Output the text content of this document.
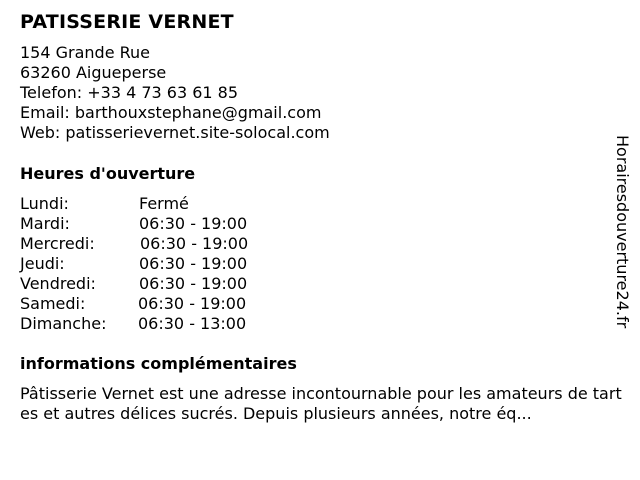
PATISSERIE VERNET
154 Grande Rue
63260 Aigueperse
Telefon: +33 4 73 63 61 85
Email: barthouxstephane@gmail.com
Web: patisserievernet.site-solocal.com
Heures d'ouverture
Lundi:	Fermé
Mardi:	06:30 - 19:00
Mercredi:	06:30 - 19:00
Jeudi:	06:30 - 19:00
Vendredi:	06:30 - 19:00
Samedi:	06:30 - 19:00
Dimanche: 06:30 - 13:00
informations complémentaires
Pâtisserie Vernet est une adresse incontournable pour les amateurs de tartes et autres délices sucrés. Depuis plusieurs années, notre éq...
Horairesdouverture24.fr
